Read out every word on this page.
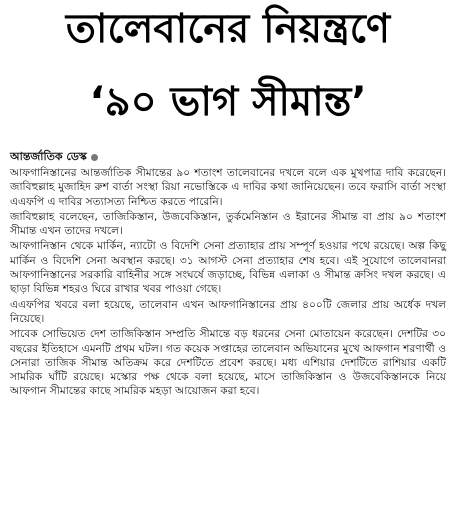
তালেবানের নিয়ন্ত্রণে
‘৯০ ভাগ সীমান্ত’
আন্তর্জাতিক ডেস্ক

আফগানিস্তানের আন্তর্জাতিক সীমান্তের ৯০ শতাংশ তালেবানের দখলে বলে এক মুখপাত্র দাবি করেছেন। জাবিহুল্লাহ মুজাহিদ রুশ বার্তা সংস্থা রিয়া নভোস্তিকে এ দাবির কথা জানিয়েছেন। তবে ফরাসি বার্তা সংস্থা এএফপি এ দাবির সত্যাসত্য নিশ্চিত করতে পারেনি।

জাবিহুল্লাহ বলেছেন, তাজিকিস্তান, উজবেকিস্তান, তুর্কমেনিস্তান ও ইরানের সীমান্ত বা প্রায় ৯০ শতাংশ সীমান্ত এখন তাদের দখলে।

আফগানিস্তান থেকে মার্কিন, ন্যাটো ও বিদেশি সেনা প্রত্যাহার প্রায় সম্পূর্ণ হওয়ার পথে রয়েছে। অল্প কিছু মার্কিন ও বিদেশি সেনা অবস্থান করছে। ৩১ আগস্ট সেনা প্রত্যাহার শেষ হবে। এই সুযোগে তালেবানরা আফগানিস্তানের সরকারি বাহিনীর সঙ্গে সংঘর্ষে জড়াচ্ছে, বিভিন্ন এলাকা ও সীমান্ত ক্রসিং দখল করছে। এ ছাড়া বিভিন্ন শহরও ঘিরে রাখার খবর পাওয়া গেছে।

এএফপির খবরে বলা হয়েছে, তালেবান এখন আফগানিস্তানের প্রায় ৪০০টি জেলার প্রায় অর্ধেক দখল নিয়েছে।

সাবেক সোভিয়েত দেশ তাজিকিস্তান সম্প্রতি সীমান্তে বড় ধরনের সেনা মোতায়েন করেছেন। দেশটির ৩০ বছরের ইতিহাসে এমনটি প্রথম ঘটল। গত কয়েক সপ্তাহের তালেবান অভিযানের মুখে আফগান শরণার্থী ও সেনারা তাজিক সীমান্ত অতিক্রম করে দেশটিতে প্রবেশ করছে। মধ্য এশিয়ার দেশটিতে রাশিয়ার একটি সামরিক ঘাঁটি রয়েছে। মস্কোর পক্ষ থেকে বলা হয়েছে, মাসে তাজিকিস্তান ও উজবেকিস্তানকে নিয়ে আফগান সীমান্তের কাছে সামরিক মহড়া আয়োজন করা হবে।
